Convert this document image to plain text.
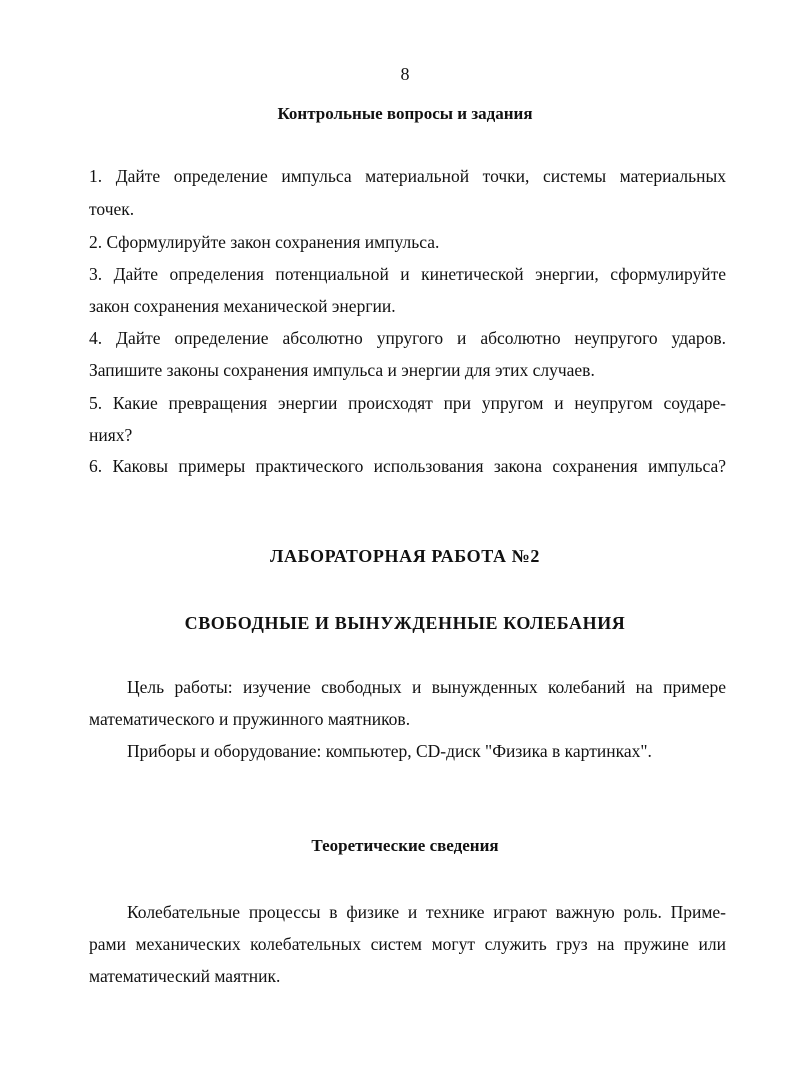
8
Контрольные вопросы и задания
1. Дайте определение импульса материальной точки, системы материальных
точек.
2. Сформулируйте закон сохранения импульса.
3. Дайте определения потенциальной и кинетической энергии, сформулируйте
закон сохранения механической энергии.
4. Дайте определение абсолютно упругого и абсолютно неупругого ударов.
Запишите законы сохранения импульса и энергии для этих случаев.
5. Какие превращения энергии происходят при упругом и неупругом соударе-
ниях?
6. Каковы примеры практического использования закона сохранения импульса?
ЛАБОРАТОРНАЯ РАБОТА №2
СВОБОДНЫЕ И ВЫНУЖДЕННЫЕ КОЛЕБАНИЯ
Цель работы: изучение свободных и вынужденных колебаний на примере
математического и пружинного маятников.
Приборы и оборудование: компьютер, CD-диск "Физика в картинках".
Теоретические сведения
Колебательные процессы в физике и технике играют важную роль. Приме-
рами механических колебательных систем могут служить груз на пружине или
математический маятник.
